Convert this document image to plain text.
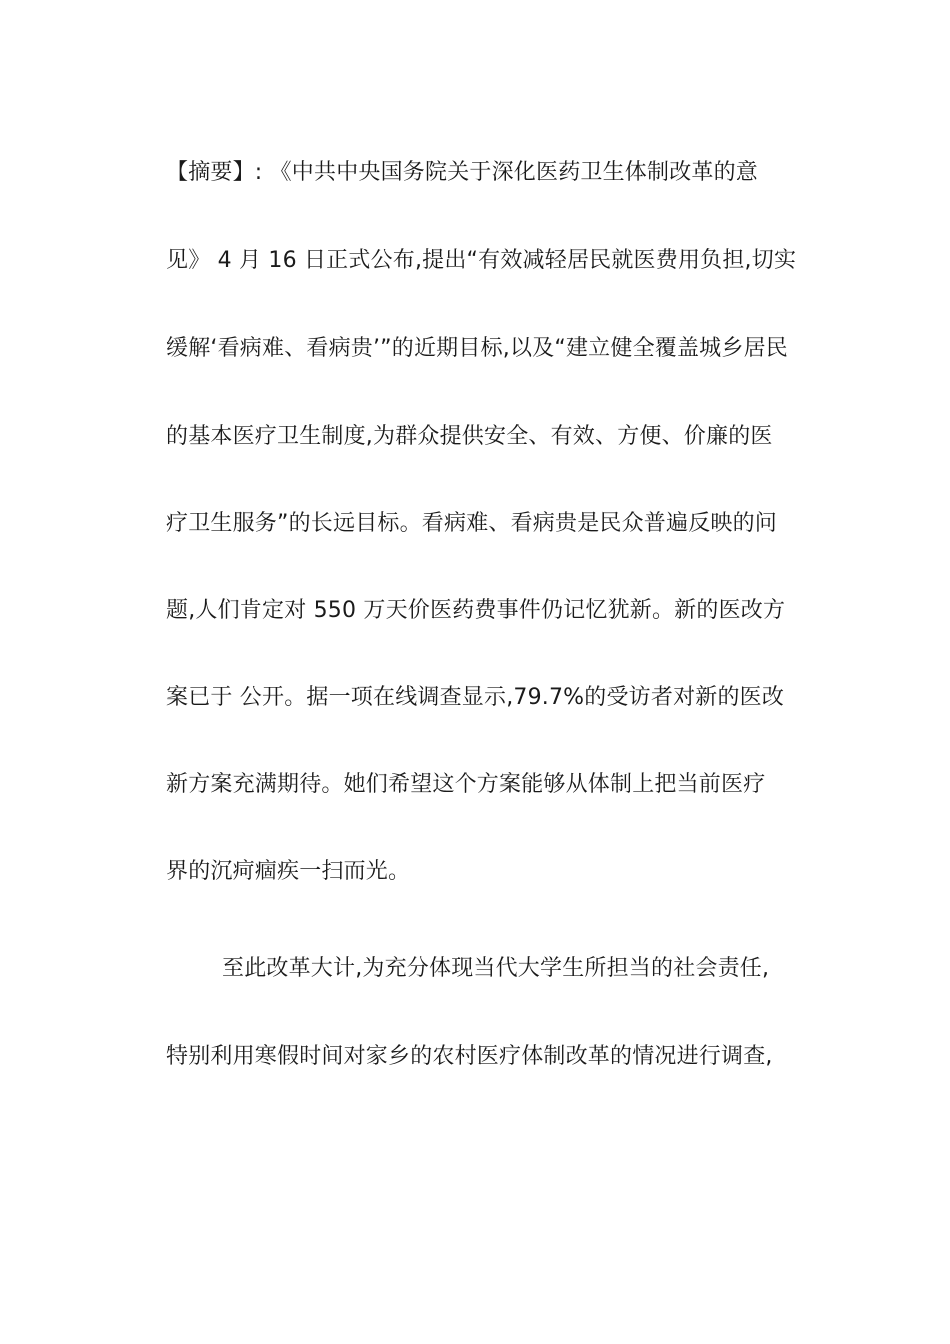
【摘要】: 《中共中央国务院关于深化医药卫生体制改革的意
见》 4 月 16 日正式公布,提出“有效减轻居民就医费用负担,切实
缓解‘看病难、看病贵’”的近期目标,以及“建立健全覆盖城乡居民
的基本医疗卫生制度,为群众提供安全、有效、方便、价廉的医
疗卫生服务”的长远目标。看病难、看病贵是民众普遍反映的问
题,人们肯定对 550 万天价医药费事件仍记忆犹新。新的医改方
案已于 公开。据一项在线调查显示,79.7%的受访者对新的医改
新方案充满期待。她们希望这个方案能够从体制上把当前医疗
界的沉疴痼疾一扫而光。
至此改革大计,为充分体现当代大学生所担当的社会责任,
特别利用寒假时间对家乡的农村医疗体制改革的情况进行调查,
